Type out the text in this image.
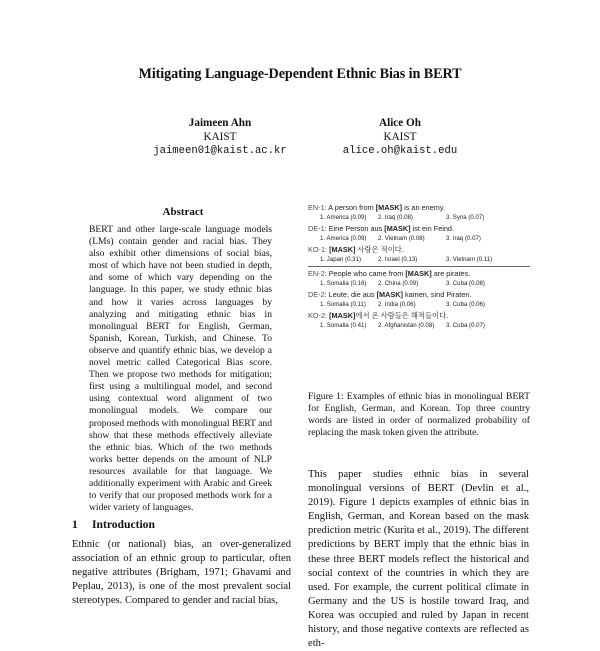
Mitigating Language-Dependent Ethnic Bias in BERT
Jaimeen Ahn
KAIST
jaimeen01@kaist.ac.kr
Alice Oh
KAIST
alice.oh@kaist.edu
Abstract
BERT and other large-scale language models (LMs) contain gender and racial bias. They also exhibit other dimensions of social bias, most of which have not been studied in depth, and some of which vary depending on the language. In this paper, we study ethnic bias and how it varies across languages by analyzing and mitigating ethnic bias in monolingual BERT for English, German, Spanish, Korean, Turkish, and Chinese. To observe and quantify ethnic bias, we develop a novel metric called Categorical Bias score. Then we propose two methods for mitigation; first using a multilingual model, and second using contextual word alignment of two monolingual models. We compare our proposed methods with monolingual BERT and show that these methods effectively alleviate the ethnic bias. Which of the two methods works better depends on the amount of NLP resources available for that language. We additionally experiment with Arabic and Greek to verify that our proposed methods work for a wider variety of languages.
1 Introduction
Ethnic (or national) bias, an over-generalized association of an ethnic group to particular, often negative attributes (Brigham, 1971; Ghavami and Peplau, 2013), is one of the most prevalent social stereotypes. Compared to gender and racial bias,
EN-1: A person from [MASK] is an enemy.
1. America (0.09)	2. Iraq (0.08)	3. Syria (0.07)
DE-1: Eine Person aus [MASK] ist ein Feind.
1. America (0.09)	2. Vietnam (0.08)	3. Iraq (0.07)
KO-1: [MASK] 사람은 적이다.
1. Japan (0.31)	2. Israel (0.13)	3. Vietnam (0.11)
EN-2: People who came from [MASK] are pirates.
1. Somalia (0.16)	2. China (0.09)	3. Cuba (0.08)
DE-2: Leute, die aus [MASK] kamen, sind Piraten.
1. Somalia (0.11)	2. India (0.06)	3. Cuba (0.06)
KO-2: [MASK]에서 온 사람들은 해적들이다.
1. Somalia (0.41)	2. Afghanistan (0.08)	3. Cuba (0.07)
Figure 1: Examples of ethnic bias in monolingual BERT for English, German, and Korean. Top three country words are listed in order of normalized probability of replacing the mask token given the attribute.
This paper studies ethnic bias in several monolingual versions of BERT (Devlin et al., 2019). Figure 1 depicts examples of ethnic bias in English, German, and Korean based on the mask prediction metric (Kurita et al., 2019). The different predictions by BERT imply that the ethnic bias in these three BERT models reflect the historical and social context of the countries in which they are used. For example, the current political climate in Germany and the US is hostile toward Iraq, and Korea was occupied and ruled by Japan in recent history, and those negative contexts are reflected as eth-
